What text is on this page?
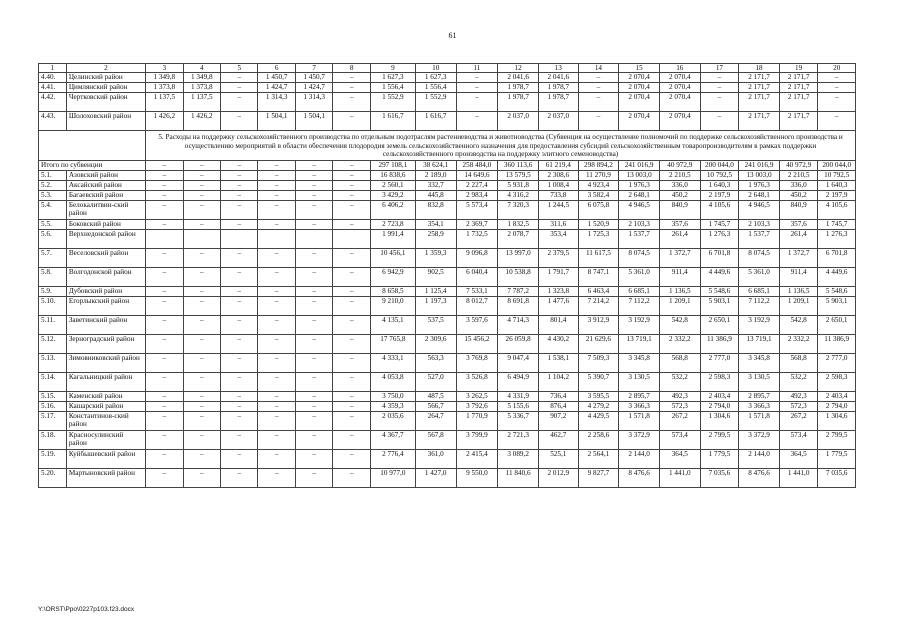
61
1	2	3	4	5	6	7	8	9	10	11	12	13	14	15	16	17	18	19	20
4.40.	Целинский район	1 349,8	1 349,8	–	1 450,7	1 450,7	–	1 627,3	1 627,3	–	2 041,6	2 041,6	–	2 070,4	2 070,4	–	2 171,7	2 171,7	–
4.41.	Цимлянский район	1 373,8	1 373,8	–	1 424,7	1 424,7	–	1 556,4	1 556,4	–	1 978,7	1 978,7	–	2 070,4	2 070,4	–	2 171,7	2 171,7	–
4.42.	Чертковский район	1 137,5	1 137,5	–	1 314,3	1 314,3	–	1 552,9	1 552,9	–	1 978,7	1 978,7	–	2 070,4	2 070,4	–	2 171,7	2 171,7	–
4.43.	Шолоховский район	1 426,2	1 426,2	–	1 504,1	1 504,1	–	1 616,7	1 616,7	–	2 037,0	2 037,0	–	2 070,4	2 070,4	–	2 171,7	2 171,7	–
		5. Расходы на поддержку сельскохозяйственного производства по отдельным подотраслям растениеводства и животноводства (Субвенция на осуществление полномочий по поддержке сельскохозяйственного производства и осуществлению мероприятий в области обеспечения плодородия земель сельскохозяйственного назначения для предоставления субсидий сельскохозяйственным товаропроизводителям в рамках поддержки сельскохозяйственного производства на поддержку элитного семеноводства)																	
Итого по субвенции		–	–	–	–	–	–	297 108,1	38 624,1	258 484,0	360 113,6	61 219,4	298 894,2	241 016,9	40 972,9	200 044,0	241 016,9	40 972,9	200 044,0
5.1.	Азовский район	–	–	–	–	–	–	16 838,6	2 189,0	14 649,6	13 579,5	2 308,6	11 270,9	13 003,0	2 210,5	10 792,5	13 003,0	2 210,5	10 792,5
5.2.	Аксайский район	–	–	–	–	–	–	2 560,1	332,7	2 227,4	5 931,8	1 008,4	4 923,4	1 976,3	336,0	1 640,3	1 976,3	336,0	1 640,3
5.3.	Багаевский район	–	–	–	–	–	–	3 429,2	445,8	2 983,4	4 316,2	733,8	3 582,4	2 648,1	450,2	2 197,9	2 648,1	450,2	2 197,9
5.4.	Белокалитвин-ский район	–	–	–	–	–	–	6 406,2	832,8	5 573,4	7 320,3	1 244,5	6 075,8	4 946,5	840,9	4 105,6	4 946,5	840,9	4 105,6
5.5.	Боковский район	–	–	–	–	–	–	2 723,8	354,1	2 369,7	1 832,5	311,6	1 520,9	2 103,3	357,6	1 745,7	2 103,3	357,6	1 745,7
5.6.	Верхнедонской район							1 991,4	258,9	1 732,5	2 078,7	353,4	1 725,3	1 537,7	261,4	1 276,3	1 537,7	261,4	1 276,3
5.7.	Веселовский район	–	–	–	–	–	–	10 456,1	1 359,3	9 096,8	13 997,0	2 379,5	11 617,5	8 074,5	1 372,7	6 701,8	8 074,5	1 372,7	6 701,8
5.8.	Волгодонской район	–	–	–	–	–	–	6 942,9	902,5	6 040,4	10 538,8	1 791,7	8 747,1	5 361,0	911,4	4 449,6	5 361,0	911,4	4 449,6
5.9.	Дубовский район	–	–	–	–	–	–	8 658,5	1 125,4	7 533,1	7 787,2	1 323,8	6 463,4	6 685,1	1 136,5	5 548,6	6 685,1	1 136,5	5 548,6
5.10.	Егорлыкский район	–	–	–	–	–	–	9 210,0	1 197,3	8 012,7	8 691,8	1 477,6	7 214,2	7 112,2	1 209,1	5 903,1	7 112,2	1 209,1	5 903,1
5.11.	Заветинский район	–	–	–	–	–	–	4 135,1	537,5	3 597,6	4 714,3	801,4	3 912,9	3 192,9	542,8	2 650,1	3 192,9	542,8	2 650,1
5.12.	Зерноградский район	–	–	–	–	–	–	17 765,8	2 309,6	15 456,2	26 059,8	4 430,2	21 629,6	13 719,1	2 332,2	11 386,9	13 719,1	2 332,2	11 386,9
5.13.	Зимовниковский район	–	–	–	–	–	–	4 333,1	563,3	3 769,8	9 047,4	1 538,1	7 509,3	3 345,8	568,8	2 777,0	3 345,8	568,8	2 777,0
5.14.	Кагальницкий район	–	–	–	–	–	–	4 053,8	527,0	3 526,8	6 494,9	1 104,2	5 390,7	3 130,5	532,2	2 598,3	3 130,5	532,2	2 598,3
5.15.	Каменский район	–	–	–	–	–	–	3 750,0	487,5	3 262,5	4 331,9	736,4	3 595,5	2 895,7	492,3	2 403,4	2 895,7	492,3	2 403,4
5.16.	Кашарский район	–	–	–	–	–	–	4 359,3	566,7	3 792,6	5 155,6	876,4	4 279,2	3 366,3	572,3	2 794,0	3 366,3	572,3	2 794,0
5.17.	Константинов-ский район	–	–	–	–	–	–	2 035,6	264,7	1 770,9	5 336,7	907,2	4 429,5	1 571,8	267,2	1 304,6	1 571,8	267,2	1 304,6
5.18.	Красносулинский район	–	–	–	–	–	–	4 367,7	567,8	3 799,9	2 721,3	462,7	2 258,6	3 372,9	573,4	2 799,5	3 372,9	573,4	2 799,5
5.19.	Куйбышевский район	–	–	–	–	–	–	2 776,4	361,0	2 415,4	3 089,2	525,1	2 564,1	2 144,0	364,5	1 779,5	2 144,0	364,5	1 779,5
5.20.	Мартыновский район	–	–	–	–	–	–	10 977,0	1 427,0	9 550,0	11 840,6	2 012,9	9 827,7	8 476,6	1 441,0	7 035,6	8 476,6	1 441,0	7 035,6
Y:\ORST\Ppo\0227p103.f23.docx
